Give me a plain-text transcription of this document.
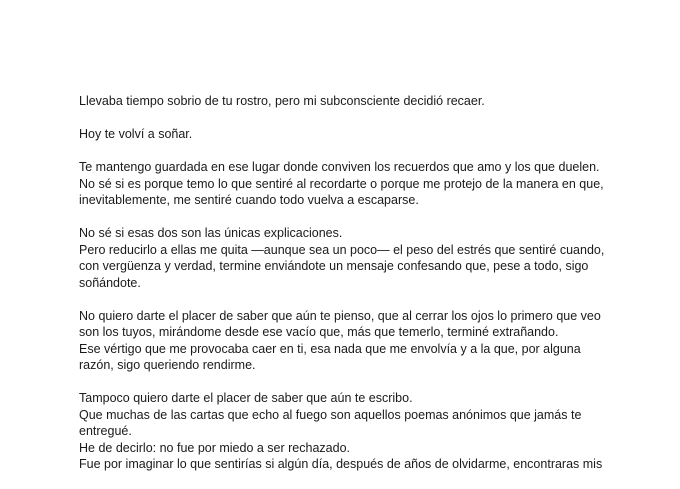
Llevaba tiempo sobrio de tu rostro, pero mi subconsciente decidió recaer.
Hoy te volví a soñar.
Te mantengo guardada en ese lugar donde conviven los recuerdos que amo y los que duelen.
No sé si es porque temo lo que sentiré al recordarte o porque me protejo de la manera en que,
inevitablemente, me sentiré cuando todo vuelva a escaparse.
No sé si esas dos son las únicas explicaciones.
Pero reducirlo a ellas me quita —aunque sea un poco— el peso del estrés que sentiré cuando,
con vergüenza y verdad, termine enviándote un mensaje confesando que, pese a todo, sigo
soñándote.
No quiero darte el placer de saber que aún te pienso, que al cerrar los ojos lo primero que veo
son los tuyos, mirándome desde ese vacío que, más que temerlo, terminé extrañando.
Ese vértigo que me provocaba caer en ti, esa nada que me envolvía y a la que, por alguna
razón, sigo queriendo rendirme.
Tampoco quiero darte el placer de saber que aún te escribo.
Que muchas de las cartas que echo al fuego son aquellos poemas anónimos que jamás te
entregué.
He de decirlo: no fue por miedo a ser rechazado.
Fue por imaginar lo que sentirías si algún día, después de años de olvidarme, encontraras mis
